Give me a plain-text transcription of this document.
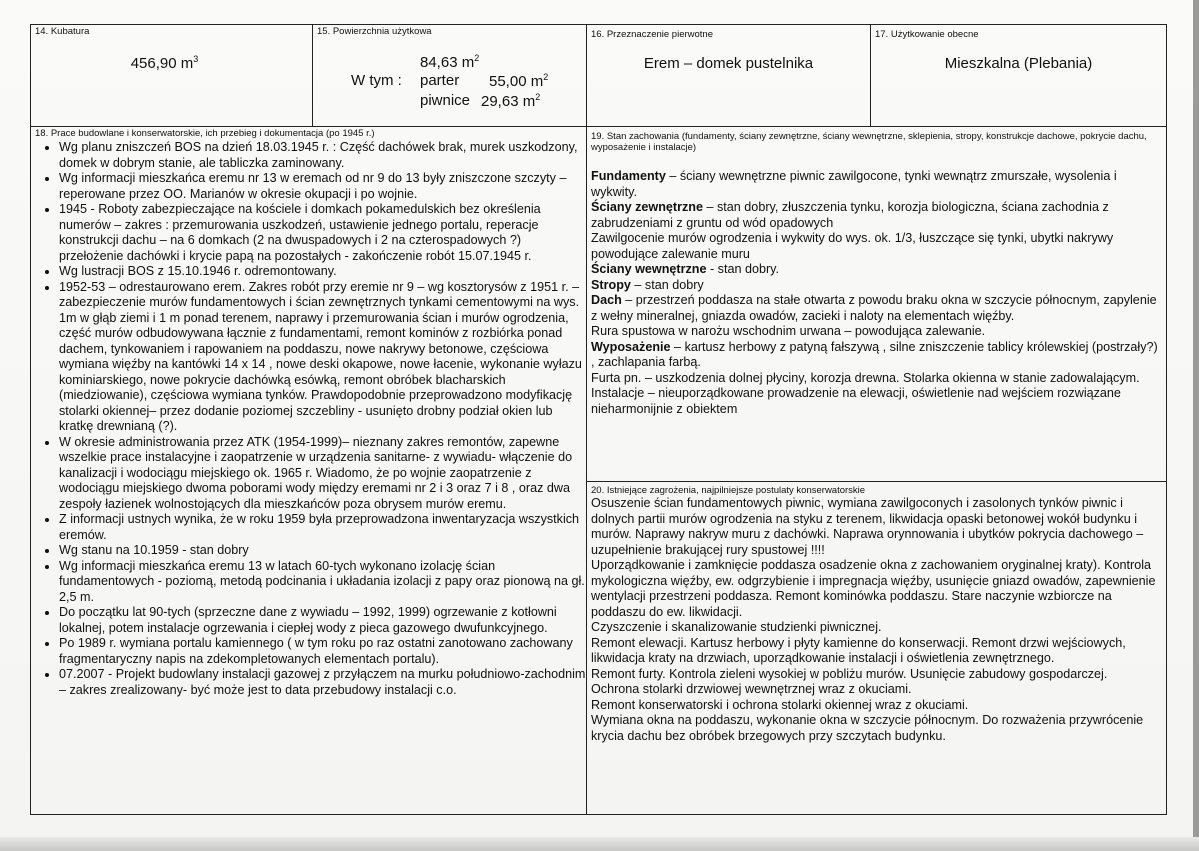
14. Kubatura
456,90 $m^3$
15. Powierzchnia użytkowa
84,63 $m^2$
W tym : parter 55,00 $m^2$
piwnice 29,63 $m^2$
16. Przeznaczenie pierwotne
Erem – domek pustelnika
17. Użytkowanie obecne
Mieszkalna (Plebania)
18. Prace budowlane i konserwatorskie, ich przebieg i dokumentacja (po 1945 r.)
• Wg planu zniszczeń BOS na dzień 18.03.1945 r. : Część dachówek brak, murek uszkodzony, domek w dobrym stanie, ale tabliczka zaminowany.
• Wg informacji mieszkańca eremu nr 13 w eremach od nr 9 do 13 były zniszczone szczyty – reperowane przez OO. Marianów w okresie okupacji i po wojnie.
• 1945 - Roboty zabezpieczające na kościele i domkach pokamedulskich bez określenia numerów – zakres : przemurowania uszkodzeń, ustawienie jednego portalu, reperacje konstrukcji dachu – na 6 domkach (2 na dwuspadowych i 2 na czterospadowych ?) przełożenie dachówki i krycie papą na pozostałych - zakończenie robót 15.07.1945 r.
• Wg lustracji BOS z 15.10.1946 r. odremontowany.
• 1952-53 – odrestaurowano erem. Zakres robót przy eremie nr 9 – wg kosztorysów z 1951 r. – zabezpieczenie murów fundamentowych i ścian zewnętrznych tynkami cementowymi na wys. 1m w głąb ziemi i 1 m ponad terenem, naprawy i przemurowania ścian i murów ogrodzenia, część murów odbudowywana łącznie z fundamentami, remont kominów z rozbiórka ponad dachem, tynkowaniem i rapowaniem na poddaszu, nowe nakrywy betonowe, częściowa wymiana więźby na kantówki 14 x 14 , nowe deski okapowe, nowe łacenie, wykonanie wyłazu kominiarskiego, nowe pokrycie dachówką esówką, remont obróbek blacharskich (miedziowanie), częściowa wymiana tynków. Prawdopodobnie przeprowadzono modyfikację stolarki okiennej– przez dodanie poziomej szczebliny - usunięto drobny podział okien lub kratkę drewnianą (?).
• W okresie administrowania przez ATK (1954-1999)– nieznany zakres remontów, zapewne wszelkie prace instalacyjne i zaopatrzenie w urządzenia sanitarne- z wywiadu- włączenie do kanalizacji i wodociągu miejskiego ok. 1965 r. Wiadomo, że po wojnie zaopatrzenie z wodociągu miejskiego dwoma poborami wody między eremami nr 2 i 3 oraz 7 i 8 , oraz dwa zespoły łazienek wolnostojących dla mieszkańców poza obrysem murów eremu.
• Z informacji ustnych wynika, że w roku 1959 była przeprowadzona inwentaryzacja wszystkich eremów.
• Wg stanu na 10.1959 - stan dobry
• Wg informacji mieszkańca eremu 13 w latach 60-tych wykonano izolację ścian fundamentowych - poziomą, metodą podcinania i układania izolacji z papy oraz pionową na gł. 2,5 m.
• Do początku lat 90-tych (sprzeczne dane z wywiadu – 1992, 1999) ogrzewanie z kotłowni lokalnej, potem instalacje ogrzewania i ciepłej wody z pieca gazowego dwufunkcyjnego.
• Po 1989 r. wymiana portalu kamiennego ( w tym roku po raz ostatni zanotowano zachowany fragmentaryczny napis na zdekompletowanych elementach portalu).
• 07.2007 - Projekt budowlany instalacji gazowej z przyłączem na murku południowo-zachodnim – zakres zrealizowany- być może jest to data przebudowy instalacji c.o.
19. Stan zachowania (fundamenty, ściany zewnętrzne, ściany wewnętrzne, sklepienia, stropy, konstrukcje dachowe, pokrycie dachu, wyposażenie i instalacje)

Fundamenty – ściany wewnętrzne piwnic zawilgocone, tynki wewnątrz zmurszałe, wysolenia i wykwity.

Ściany zewnętrzne – stan dobry, złuszczenia tynku, korozja biologiczna, ściana zachodnia z zabrudzeniami z gruntu od wód opadowych

Zawilgocenie murów ogrodzenia i wykwity do wys. ok. 1/3, łuszczące się tynki, ubytki nakrywy powodujące zalewanie muru

Ściany wewnętrzne - stan dobry.

Stropy – stan dobry

Dach – przestrzeń poddasza na stałe otwarta z powodu braku okna w szczycie północnym, zapylenie z wełny mineralnej, gniazda owadów, zacieki i naloty na elementach więźby.

Rura spustowa w narożu wschodnim urwana – powodująca zalewanie.

Wyposażenie – kartusz herbowy z patyną fałszywą , silne zniszczenie tablicy królewskiej (postrzały?) , zachlapania farbą.

Furta pn. – uszkodzenia dolnej płyciny, korozja drewna. Stolarka okienna w stanie zadowalającym.

Instalacje – nieuporządkowane prowadzenie na elewacji, oświetlenie nad wejściem rozwiązane nieharmonijnie z obiektem

20. Istniejące zagrożenia, najpilniejsze postulaty konserwatorskie

Osuszenie ścian fundamentowych piwnic, wymiana zawilgoconych i zasolonych tynków piwnic i dolnych partii murów ogrodzenia na styku z terenem, likwidacja opaski betonowej wokół budynku i murów. Naprawy nakryw muru z dachówki. Naprawa orynnowania i ubytków pokrycia dachowego – uzupełnienie brakującej rury spustowej !!!!

Uporządkowanie i zamknięcie poddasza osadzenie okna z zachowaniem oryginalnej kraty). Kontrola mykologiczna więźby, ew. odgrzybienie i impregnacja więźby, usunięcie gniazd owadów, zapewnienie wentylacji przestrzeni poddasza. Remont kominówka poddaszu. Stare naczynie wzbiorcze na poddaszu do ew. likwidacji.

Czyszczenie i skanalizowanie studzienki piwnicznej.

Remont elewacji. Kartusz herbowy i płyty kamienne do konserwacji. Remont drzwi wejściowych, likwidacja kraty na drzwiach, uporządkowanie instalacji i oświetlenia zewnętrznego.

Remont furty. Kontrola zieleni wysokiej w pobliżu murów. Usunięcie zabudowy gospodarczej.

Ochrona stolarki drzwiowej wewnętrznej wraz z okuciami.

Remont konserwatorski i ochrona stolarki okiennej wraz z okuciami.

Wymiana okna na poddaszu, wykonanie okna w szczycie północnym. Do rozważenia przywrócenie krycia dachu bez obróbek brzegowych przy szczytach budynku.
